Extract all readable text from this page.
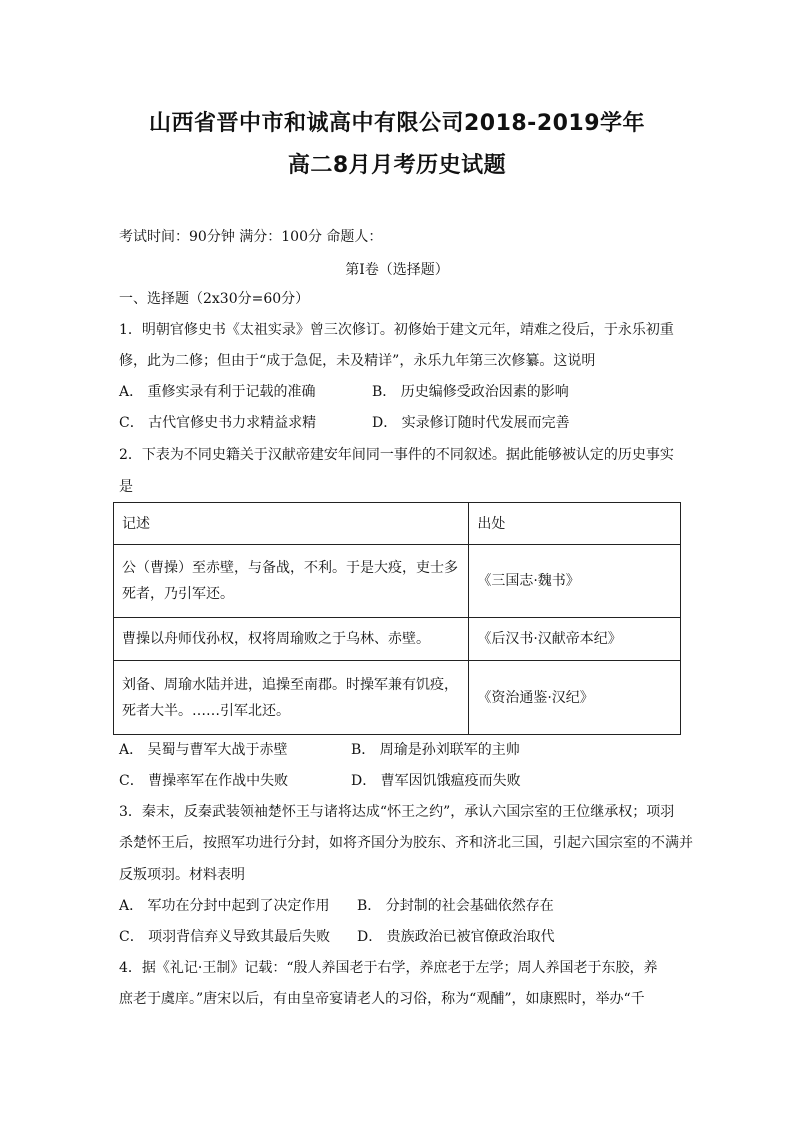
山西省晋中市和诚高中有限公司2018-2019学年
高二8月月考历史试题
考试时间：90分钟 满分：100分 命题人：
第Ⅰ卷（选择题）
一、选择题（2x30分=60分）
1．明朝官修史书《太祖实录》曾三次修订。初修始于建文元年，靖难之役后，于永乐初重
修，此为二修；但由于“成于急促，未及精详”，永乐九年第三次修纂。这说明
A． 重修实录有利于记载的准确	B． 历史编修受政治因素的影响
C． 古代官修史书力求精益求精	D． 实录修订随时代发展而完善
2．下表为不同史籍关于汉献帝建安年间同一事件的不同叙述。据此能够被认定的历史事实
是
记述	出处

公（曹操）至赤壁，与备战，不利。于是大疫，吏士多
死者，乃引军还。	《三国志·魏书》

曹操以舟师伐孙权，权将周瑜败之于乌林、赤壁。	《后汉书·汉献帝本纪》

刘备、周瑜水陆并进，追操至南郡。时操军兼有饥疫，
死者大半。……引军北还。	《资治通鉴·汉纪》
A． 吴蜀与曹军大战于赤壁	B． 周瑜是孙刘联军的主帅
C． 曹操率军在作战中失败	D． 曹军因饥饿瘟疫而失败
3．秦末，反秦武装领袖楚怀王与诸将达成“怀王之约”，承认六国宗室的王位继承权；项羽
杀楚怀王后，按照军功进行分封，如将齐国分为胶东、齐和济北三国，引起六国宗室的不满并
反叛项羽。材料表明
A． 军功在分封中起到了决定作用 B． 分封制的社会基础依然存在
C． 项羽背信弃义导致其最后失败 D． 贵族政治已被官僚政治取代
4．据《礼记·王制》记载：“殷人养国老于右学，养庶老于左学；周人养国老于东胶，养
庶老于虞庠。”唐宋以后，有由皇帝宴请老人的习俗，称为“观酺”，如康熙时，举办“千
